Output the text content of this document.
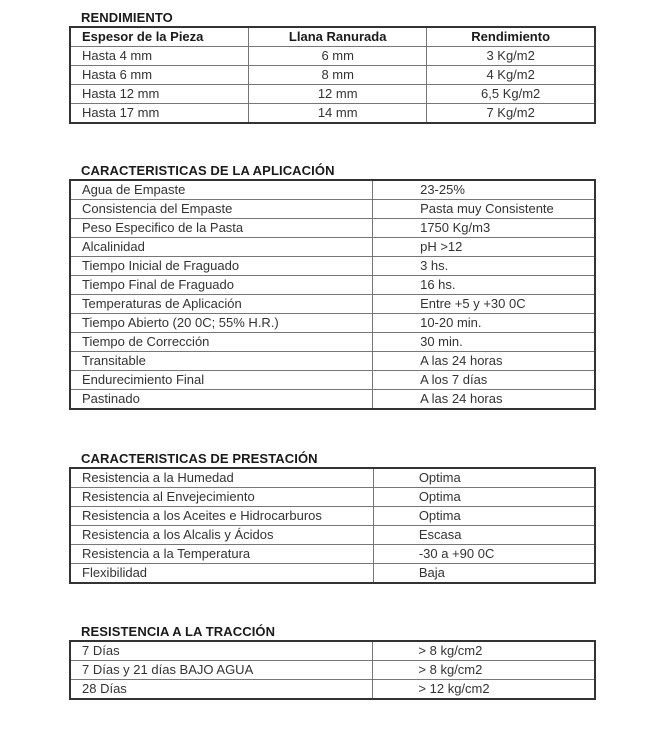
RENDIMIENTO
Espesor de la Pieza	Llana Ranurada	Rendimiento
Hasta 4 mm	6 mm	3 Kg/m2
Hasta 6 mm	8 mm	4 Kg/m2
Hasta 12 mm	12 mm	6,5 Kg/m2
Hasta 17 mm	14 mm	7 Kg/m2
CARACTERISTICAS DE LA APLICACIÓN
Agua de Empaste	23-25%
Consistencia del Empaste	Pasta muy Consistente
Peso Especifico de la Pasta	1750 Kg/m3
Alcalinidad	pH >12
Tiempo Inicial de Fraguado	3 hs.
Tiempo Final de Fraguado	16 hs.
Temperaturas de Aplicación	Entre +5 y +30 0C
Tiempo Abierto (20 0C; 55% H.R.)	10-20 min.
Tiempo de Corrección	30 min.
Transitable	A las 24 horas
Endurecimiento Final	A los 7 días
Pastinado	A las 24 horas
CARACTERISTICAS DE PRESTACIÓN
Resistencia a la Humedad	Optima
Resistencia al Envejecimiento	Optima
Resistencia a los Aceites e Hidrocarburos	Optima
Resistencia a los Alcalis y Ácidos	Escasa
Resistencia a la Temperatura	-30 a +90 0C
Flexibilidad	Baja
RESISTENCIA A LA TRACCIÓN
7 Días	> 8 kg/cm2
7 Días y 21 días BAJO AGUA	> 8 kg/cm2
28 Días	> 12 kg/cm2
